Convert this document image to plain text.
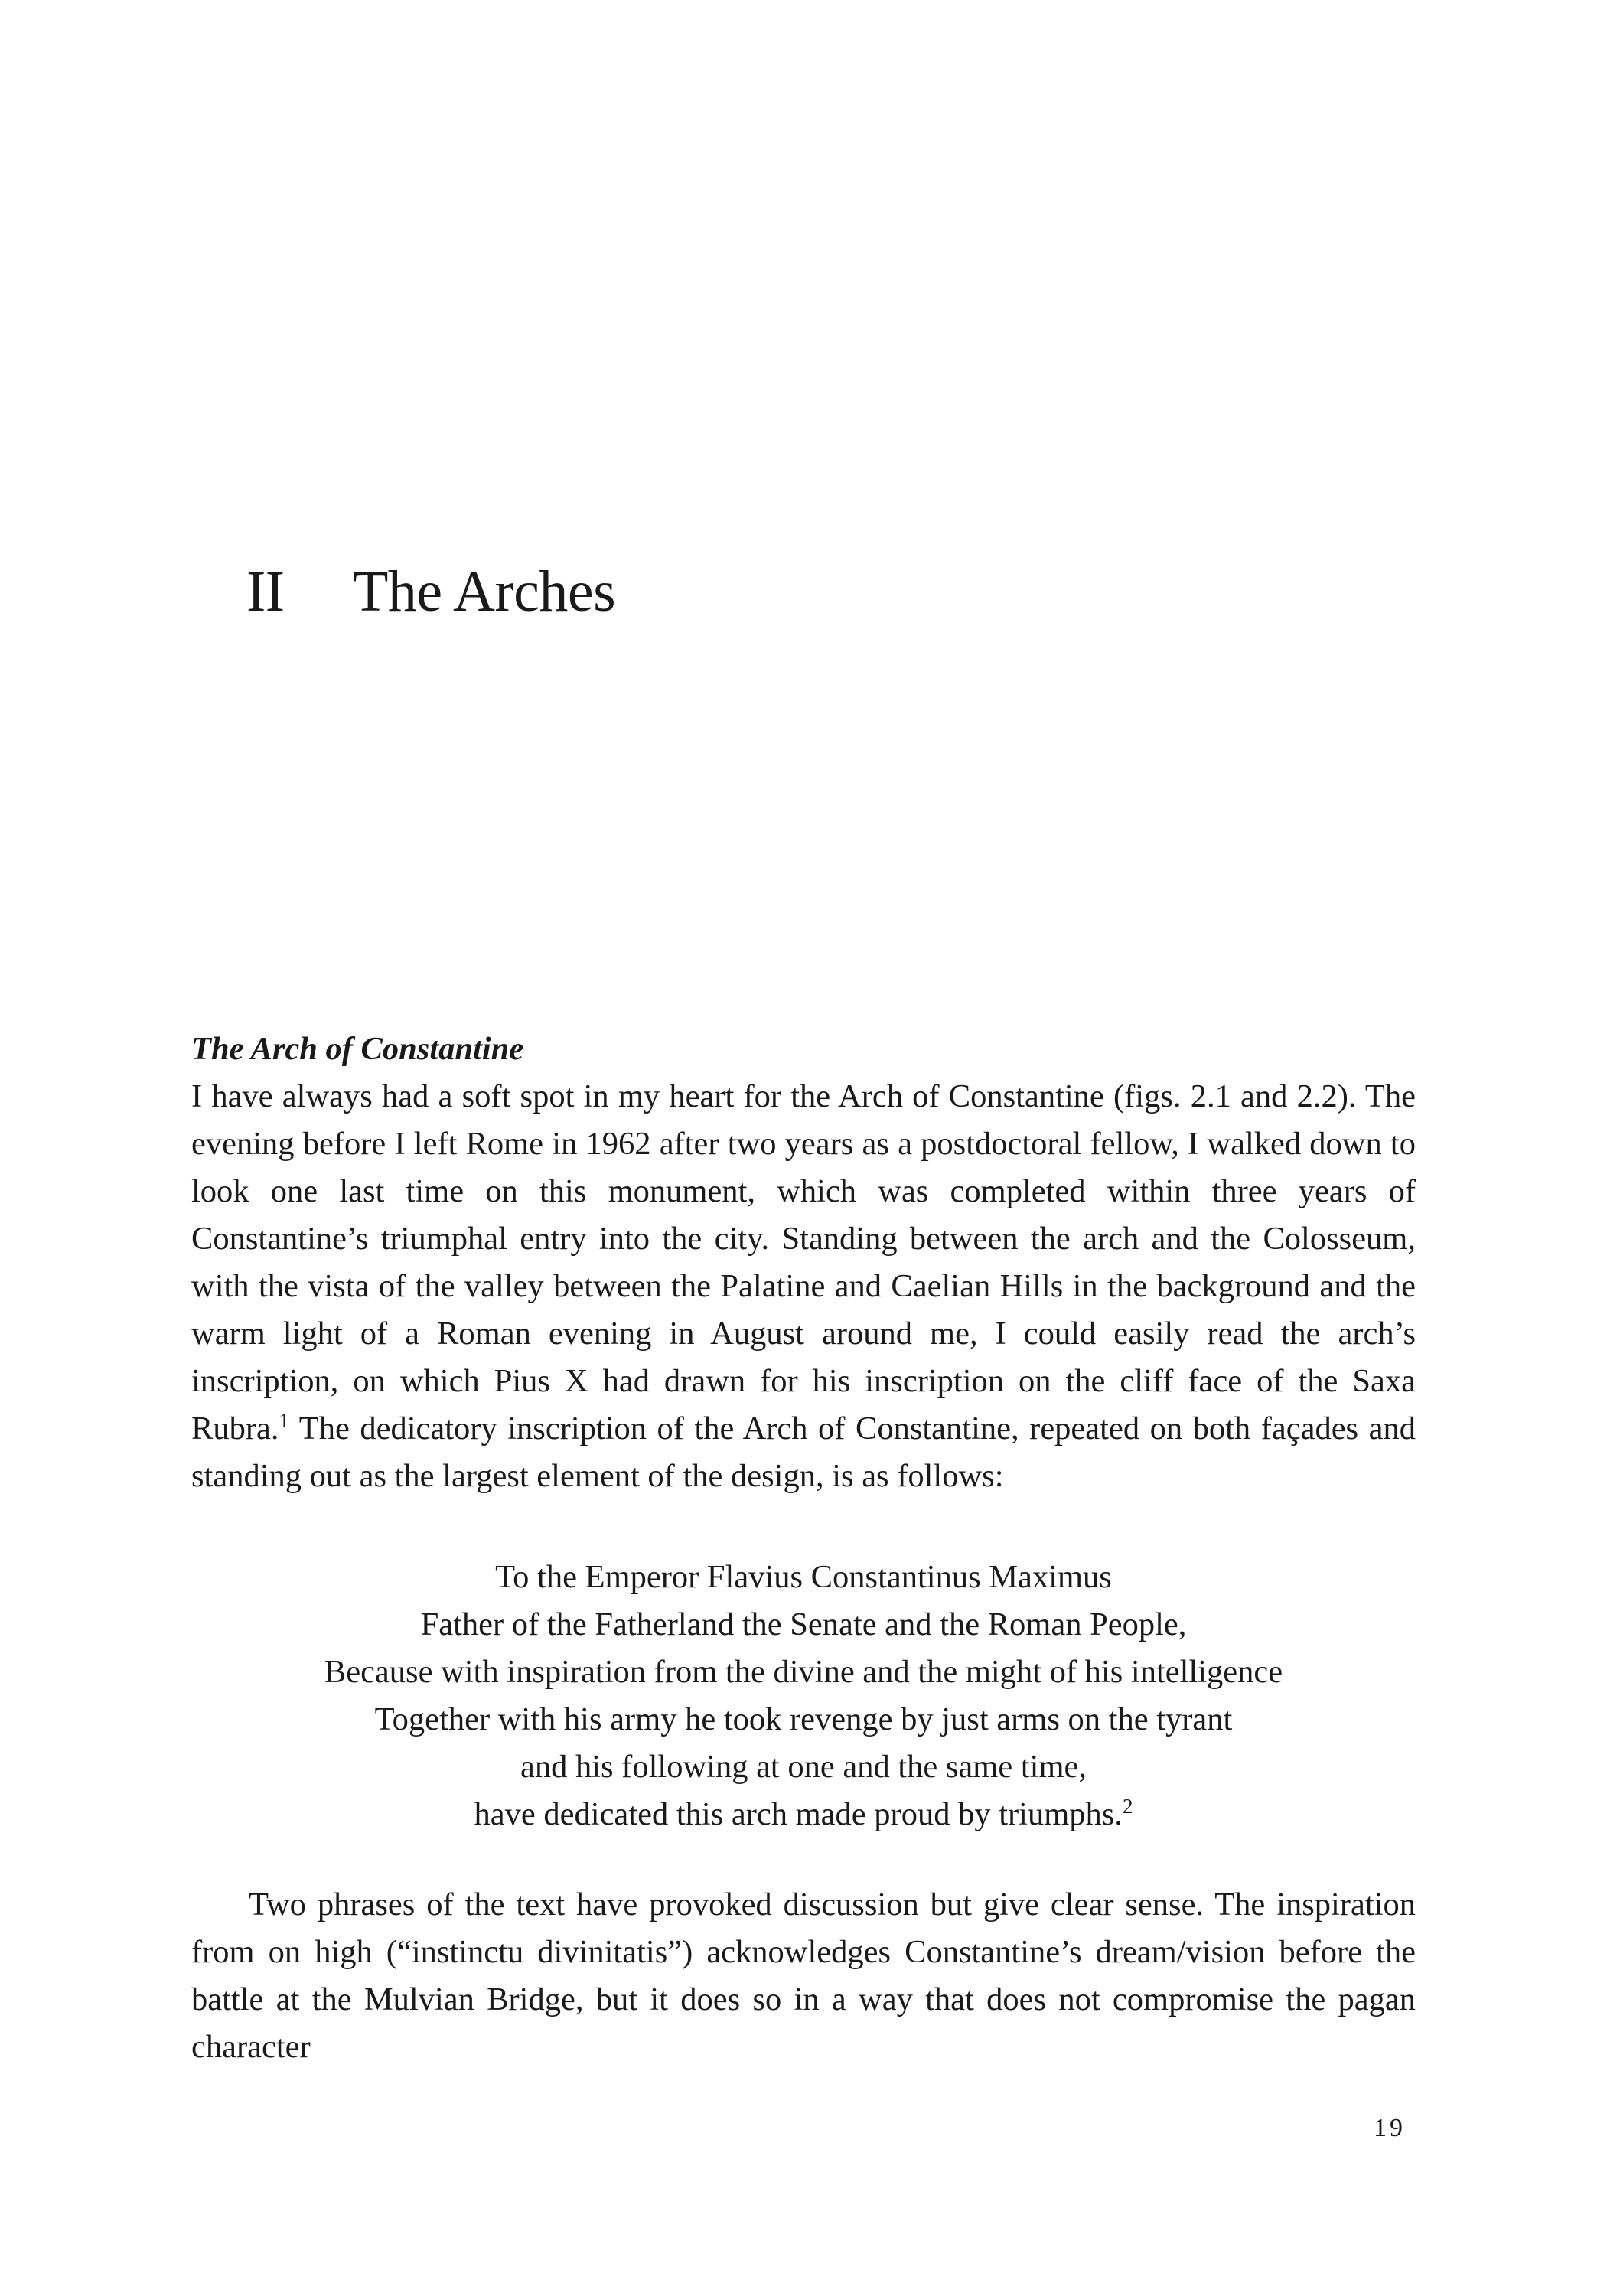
II The Arches
The Arch of Constantine

I have always had a soft spot in my heart for the Arch of Constantine (figs. 2.1 and 2.2). The evening before I left Rome in 1962 after two years as a postdoctoral fellow, I walked down to look one last time on this monument, which was completed within three years of Constantine’s triumphal entry into the city. Standing between the arch and the Colosseum, with the vista of the valley between the Palatine and Caelian Hills in the background and the warm light of a Roman evening in August around me, I could easily read the arch’s inscription, on which Pius X had drawn for his inscription on the cliff face of the Saxa Rubra.$^1$ The dedicatory inscription of the Arch of Constantine, repeated on both façades and standing out as the largest element of the design, is as follows:

To the Emperor Flavius Constantinus Maximus
Father of the Fatherland the Senate and the Roman People,
Because with inspiration from the divine and the might of his intelligence
Together with his army he took revenge by just arms on the tyrant
and his following at one and the same time,
have dedicated this arch made proud by triumphs.$^2$

Two phrases of the text have provoked discussion but give clear sense. The inspiration from on high (“instinctu divinitatis”) acknowledges Constantine’s dream/vision before the battle at the Mulvian Bridge, but it does so in a way that does not compromise the pagan character

19
